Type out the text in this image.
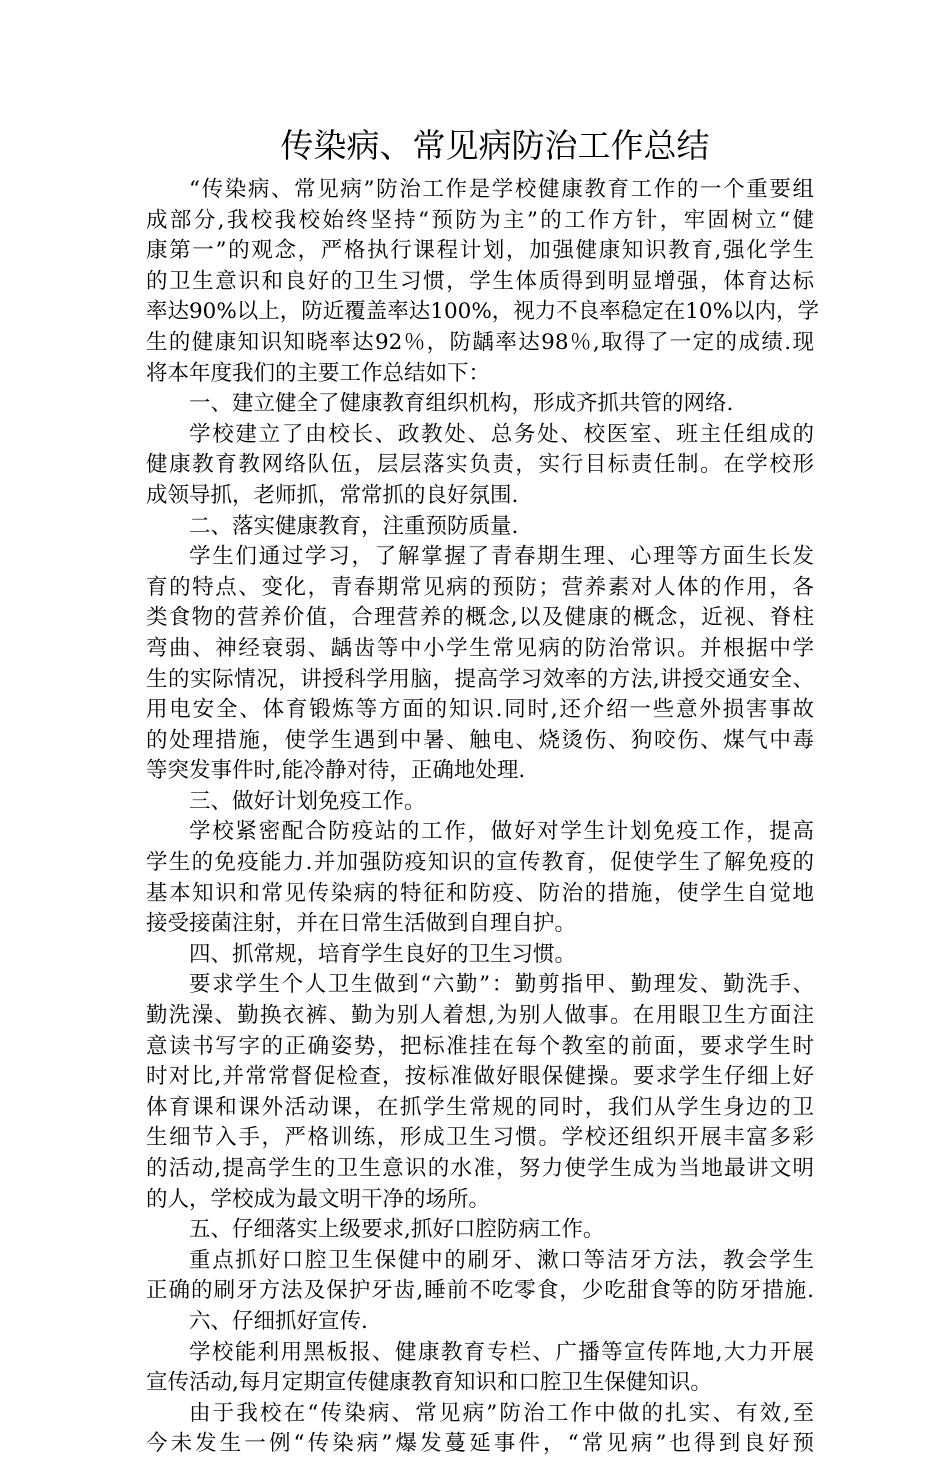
传染病、常见病防治工作总结
“传染病、常见病”防治工作是学校健康教育工作的一个重要组
成部分,我校我校始终坚持“预防为主”的工作方针，牢固树立“健
康第一”的观念，严格执行课程计划，加强健康知识教育,强化学生
的卫生意识和良好的卫生习惯，学生体质得到明显增强，体育达标
率达90%以上，防近覆盖率达100%，视力不良率稳定在10%以内，学
生的健康知识知晓率达92％，防龋率达98％,取得了一定的成绩.现
将本年度我们的主要工作总结如下：
一、建立健全了健康教育组织机构，形成齐抓共管的网络.
学校建立了由校长、政教处、总务处、校医室、班主任组成的
健康教育教网络队伍，层层落实负责，实行目标责任制。在学校形
成领导抓，老师抓，常常抓的良好氛围.
二、落实健康教育，注重预防质量.
学生们通过学习，了解掌握了青春期生理、心理等方面生长发
育的特点、变化，青春期常见病的预防；营养素对人体的作用，各
类食物的营养价值，合理营养的概念,以及健康的概念，近视、脊柱
弯曲、神经衰弱、龋齿等中小学生常见病的防治常识。并根据中学
生的实际情况，讲授科学用脑，提高学习效率的方法,讲授交通安全、
用电安全、体育锻炼等方面的知识.同时,还介绍一些意外损害事故
的处理措施，使学生遇到中暑、触电、烧烫伤、狗咬伤、煤气中毒
等突发事件时,能冷静对待，正确地处理.
三、做好计划免疫工作。
学校紧密配合防疫站的工作，做好对学生计划免疫工作，提高
学生的免疫能力.并加强防疫知识的宣传教育，促使学生了解免疫的
基本知识和常见传染病的特征和防疫、防治的措施，使学生自觉地
接受接菌注射，并在日常生活做到自理自护。
四、抓常规，培育学生良好的卫生习惯。
要求学生个人卫生做到“六勤”：勤剪指甲、勤理发、勤洗手、
勤洗澡、勤换衣裤、勤为别人着想,为别人做事。在用眼卫生方面注
意读书写字的正确姿势，把标准挂在每个教室的前面，要求学生时
时对比,并常常督促检查，按标准做好眼保健操。要求学生仔细上好
体育课和课外活动课，在抓学生常规的同时，我们从学生身边的卫
生细节入手，严格训练，形成卫生习惯。学校还组织开展丰富多彩
的活动,提高学生的卫生意识的水准，努力使学生成为当地最讲文明
的人，学校成为最文明干净的场所。
五、仔细落实上级要求,抓好口腔防病工作。
重点抓好口腔卫生保健中的刷牙、漱口等洁牙方法，教会学生
正确的刷牙方法及保护牙齿,睡前不吃零食，少吃甜食等的防牙措施.
六、仔细抓好宣传.
学校能利用黑板报、健康教育专栏、广播等宣传阵地,大力开展
宣传活动,每月定期宣传健康教育知识和口腔卫生保健知识。
由于我校在“传染病、常见病”防治工作中做的扎实、有效,至
今未发生一例“传染病”爆发蔓延事件，“常见病”也得到良好预
